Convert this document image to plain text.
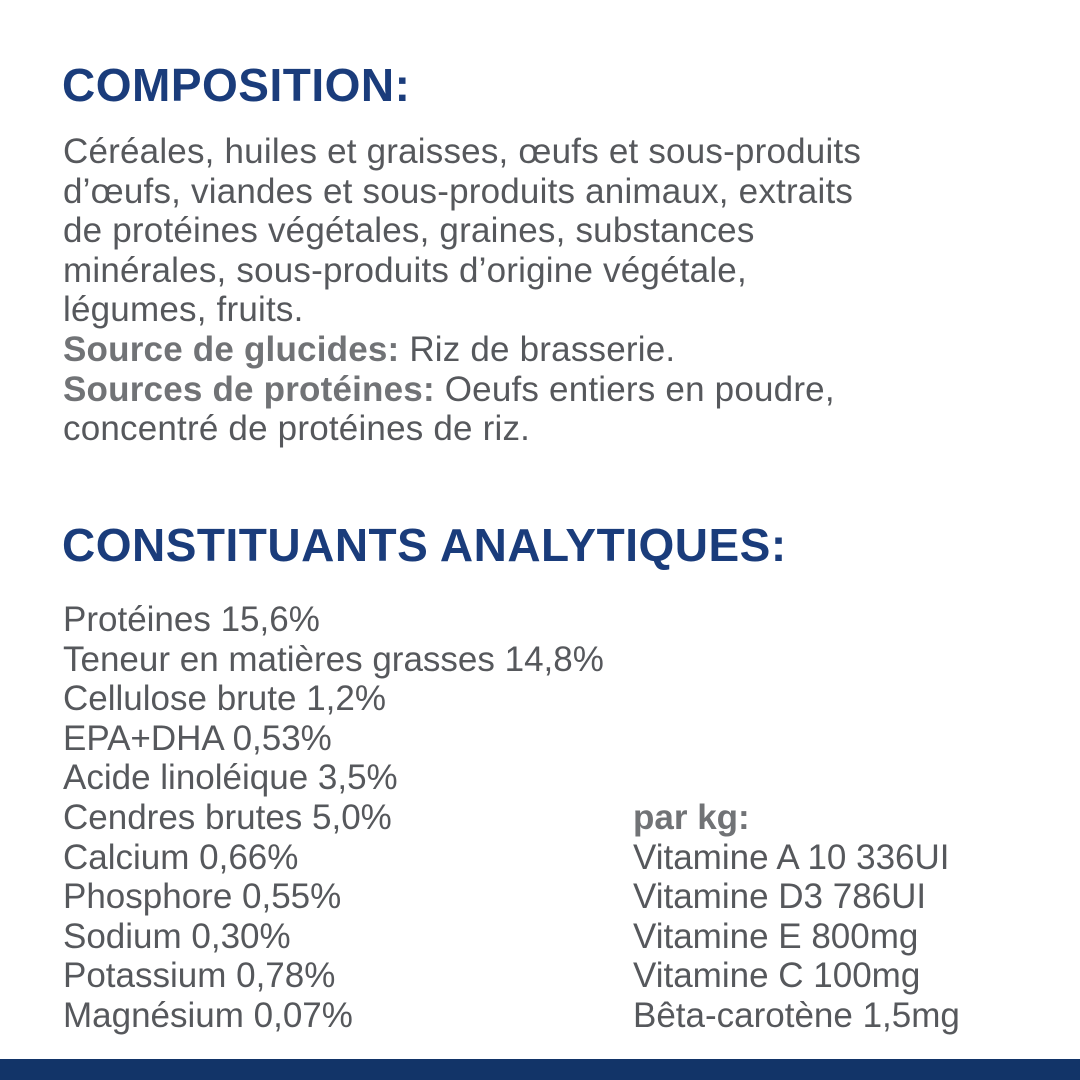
COMPOSITION:
Céréales, huiles et graisses, œufs et sous-produits
d’œufs, viandes et sous-produits animaux, extraits
de protéines végétales, graines, substances
minérales, sous-produits d’origine végétale,
légumes, fruits.
Source de glucides: Riz de brasserie.
Sources de protéines: Oeufs entiers en poudre,
concentré de protéines de riz.
CONSTITUANTS ANALYTIQUES:
Protéines 15,6%
Teneur en matières grasses 14,8%
Cellulose brute 1,2%
EPA+DHA 0,53%
Acide linoléique 3,5%
Cendres brutes 5,0%
Calcium 0,66%
Phosphore 0,55%
Sodium 0,30%
Potassium 0,78%
Magnésium 0,07%
par kg:
Vitamine A 10 336UI
Vitamine D3 786UI
Vitamine E 800mg
Vitamine C 100mg
Bêta-carotène 1,5mg
